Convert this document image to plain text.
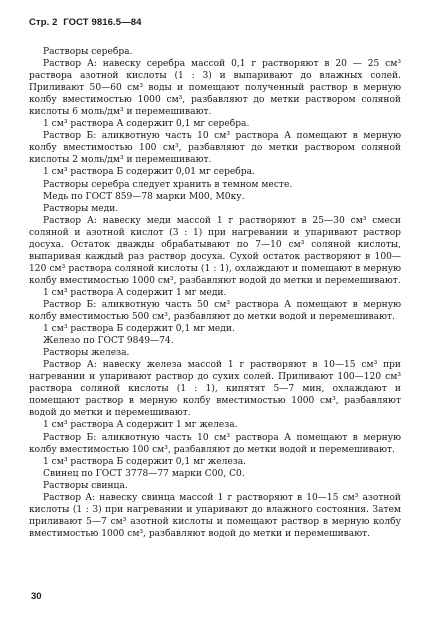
Стр. 2 ГОСТ 9816.5—84

Растворы серебра.

Раствор А: навеску серебра массой 0,1 г растворяют в 20 — 25 см³ раствора азотной кислоты (1 : 3) и выпаривают до влажных солей. Приливают 50—60 см³ воды и помещают полученный раствор в мерную колбу вместимостью 1000 см³, разбавляют до метки раствором соляной кислоты 6 моль/дм³ и перемешивают.

1 см³ раствора А содержит 0,1 мг серебра.

Раствор Б: аликвотную часть 10 см³ раствора А помещают в мерную колбу вместимостью 100 см³, разбавляют до метки раствором соляной кислоты 2 моль/дм³ и перемешивают.

1 см³ раствора Б содержит 0,01 мг серебра.

Растворы серебра следует хранить в темном месте.

Медь по ГОСТ 859—78 марки М00, М0ку.

Растворы меди.

Раствор А: навеску меди массой 1 г растворяют в 25—30 см³ смеси соляной и азотной кислот (3 : 1) при нагревании и упаривают раствор досуха. Остаток дважды обрабатывают по 7—10 см³ соляной кислоты, выпаривая каждый раз раствор досуха. Сухой остаток растворяют в 100—120 см³ раствора соляной кислоты (1 : 1), охлаждают и помещают в мерную колбу вместимостью 1000 см³, разбавляют водой до метки и перемешивают.

1 см³ раствора А содержит 1 мг меди.

Раствор Б: аликвотную часть 50 см³ раствора А помещают в мерную колбу вместимостью 500 см³, разбавляют до метки водой и перемешивают.

1 см³ раствора Б содержит 0,1 мг меди.

Железо по ГОСТ 9849—74.

Растворы железа.

Раствор А: навеску железа массой 1 г растворяют в 10—15 см³ при нагревании и упаривают раствор до сухих солей. Приливают 100—120 см³ раствора соляной кислоты (1 : 1), кипятят 5—7 мин, охлаждают и помещают раствор в мерную колбу вместимостью 1000 см³, разбавляют водой до метки и перемешивают.

1 см³ раствора А содержит 1 мг железа.

Раствор Б: аликвотную часть 10 см³ раствора А помещают в мерную колбу вместимостью 100 см³, разбавляют до метки водой и перемешивают.

1 см³ раствора Б содержит 0,1 мг железа.

Свинец по ГОСТ 3778—77 марки С00, С0.

Растворы свинца.

Раствор А: навеску свинца массой 1 г растворяют в 10—15 см³ азотной кислоты (1 : 3) при нагревании и упаривают до влажного состояния. Затем приливают 5—7 см³ азотной кислоты и помещают раствор в мерную колбу вместимостью 1000 см³, разбавляют водой до метки и перемешивают.

30
